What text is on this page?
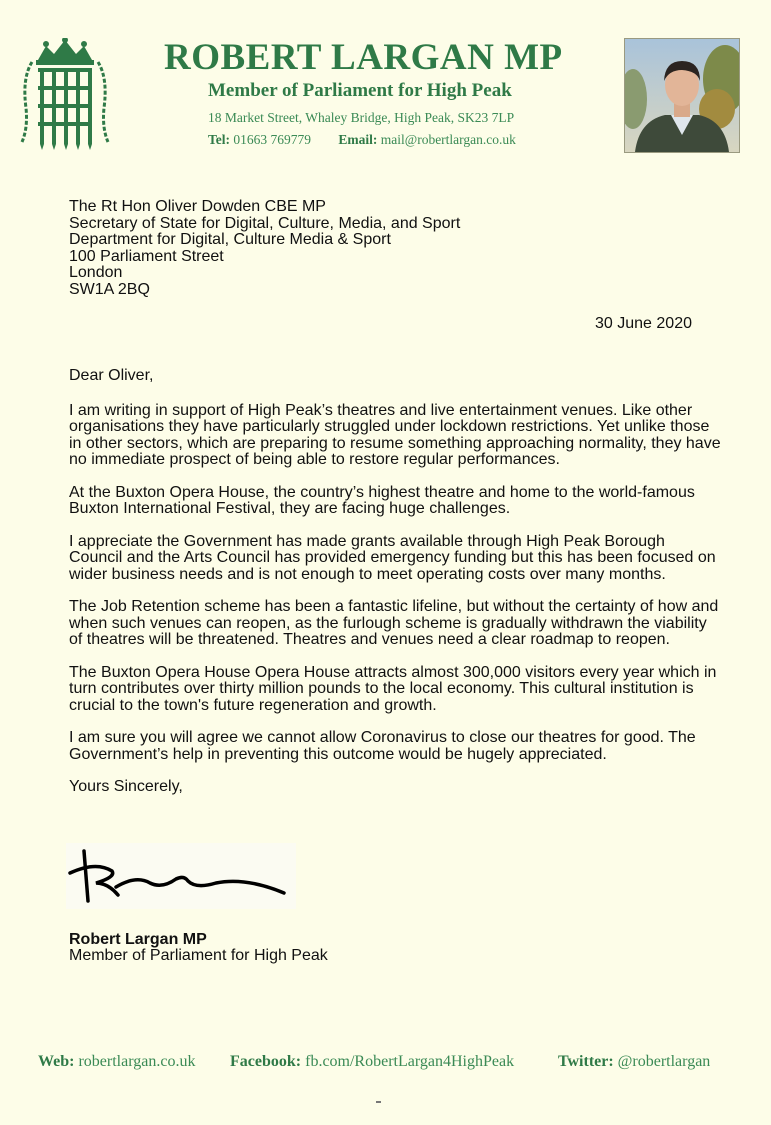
ROBERT LARGAN MP
Member of Parliament for High Peak
18 Market Street, Whaley Bridge, High Peak, SK23 7LP
Tel: 01663 769779 Email: mail@robertlargan.co.uk
The Rt Hon Oliver Dowden CBE MP
Secretary of State for Digital, Culture, Media, and Sport
Department for Digital, Culture Media & Sport
100 Parliament Street
London
SW1A 2BQ
30 June 2020

Dear Oliver,

I am writing in support of High Peak’s theatres and live entertainment venues. Like other organisations they have particularly struggled under lockdown restrictions. Yet unlike those in other sectors, which are preparing to resume something approaching normality, they have no immediate prospect of being able to restore regular performances.

At the Buxton Opera House, the country’s highest theatre and home to the world-famous Buxton International Festival, they are facing huge challenges.

I appreciate the Government has made grants available through High Peak Borough Council and the Arts Council has provided emergency funding but this has been focused on wider business needs and is not enough to meet operating costs over many months.

The Job Retention scheme has been a fantastic lifeline, but without the certainty of how and when such venues can reopen, as the furlough scheme is gradually withdrawn the viability of theatres will be threatened. Theatres and venues need a clear roadmap to reopen.

The Buxton Opera House Opera House attracts almost 300,000 visitors every year which in turn contributes over thirty million pounds to the local economy. This cultural institution is crucial to the town's future regeneration and growth.

I am sure you will agree we cannot allow Coronavirus to close our theatres for good. The Government’s help in preventing this outcome would be hugely appreciated.

Yours Sincerely,

Robert Largan MP
Member of Parliament for High Peak
Web: robertlargan.co.uk Facebook: fb.com/RobertLargan4HighPeak	Twitter: @robertlargan
